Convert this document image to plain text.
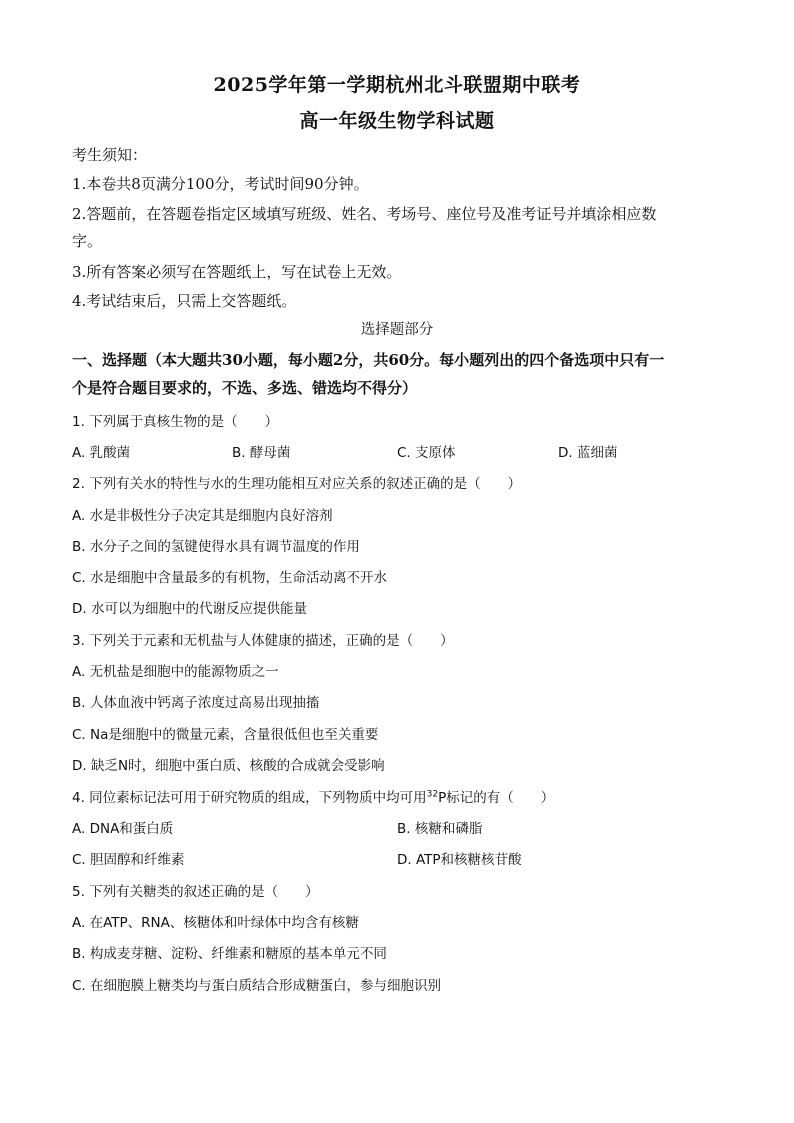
2025学年第一学期杭州北斗联盟期中联考
高一年级生物学科试题
考生须知：
1.本卷共8页满分100分，考试时间90分钟。
2.答题前，在答题卷指定区域填写班级、姓名、考场号、座位号及准考证号并填涂相应数
字。
3.所有答案必须写在答题纸上，写在试卷上无效。
4.考试结束后，只需上交答题纸。
选择题部分
一、选择题（本大题共30小题，每小题2分，共60分。每小题列出的四个备选项中只有一
个是符合题目要求的，不选、多选、错选均不得分）
1. 下列属于真核生物的是（　　）
A. 乳酸菌	B. 酵母菌	C. 支原体	D. 蓝细菌
2. 下列有关水的特性与水的生理功能相互对应关系的叙述正确的是（　　）
A. 水是非极性分子决定其是细胞内良好溶剂
B. 水分子之间的氢键使得水具有调节温度的作用
C. 水是细胞中含量最多的有机物，生命活动离不开水
D. 水可以为细胞中的代谢反应提供能量
3. 下列关于元素和无机盐与人体健康的描述，正确的是（　　）
A. 无机盐是细胞中的能源物质之一
B. 人体血液中钙离子浓度过高易出现抽搐
C. Na是细胞中的微量元素，含量很低但也至关重要
D. 缺乏N时，细胞中蛋白质、核酸的合成就会受影响
4. 同位素标记法可用于研究物质的组成，下列物质中均可用$^{32}$P标记的有（　　）
A. DNA和蛋白质	B. 核糖和磷脂
C. 胆固醇和纤维素	D. ATP和核糖核苷酸
5. 下列有关糖类的叙述正确的是（　　）
A. 在ATP、RNA、核糖体和叶绿体中均含有核糖
B. 构成麦芽糖、淀粉、纤维素和糖原的基本单元不同
C. 在细胞膜上糖类均与蛋白质结合形成糖蛋白，参与细胞识别
